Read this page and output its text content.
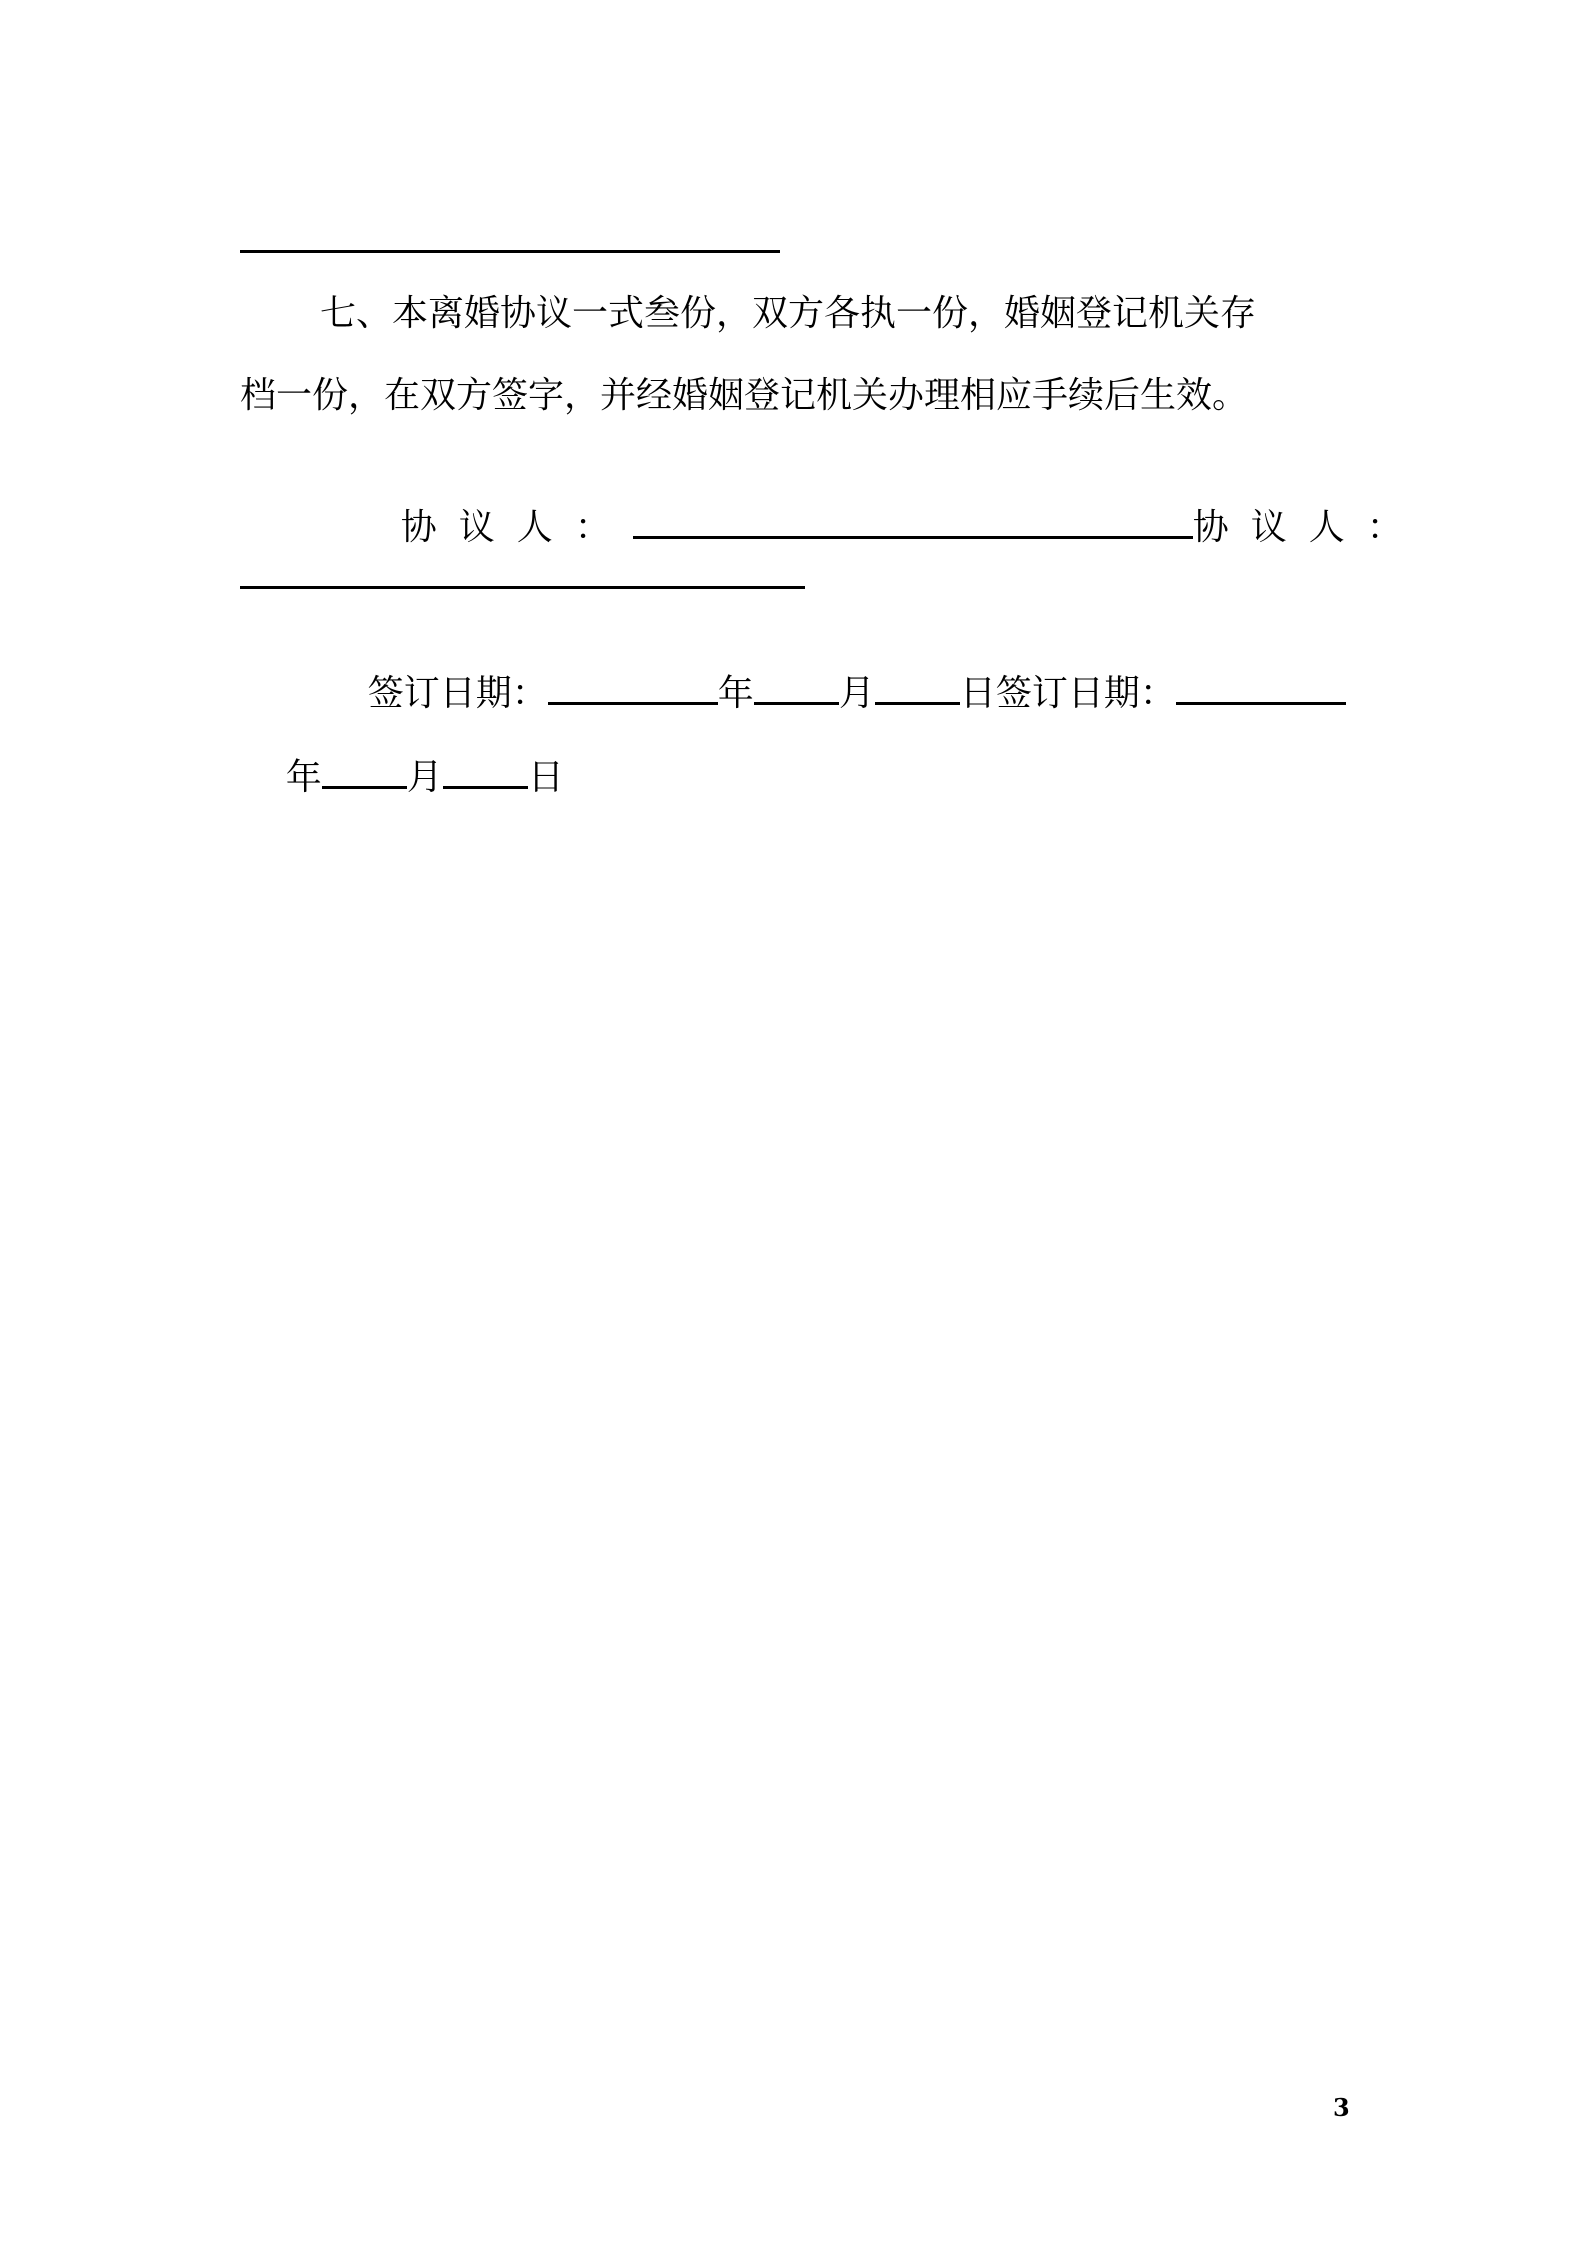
七、本离婚协议一式叁份，双方各执一份，婚姻登记机关存
档一份，在双方签字，并经婚姻登记机关办理相应手续后生效。

协议人：	协议人：

签订日期：	年 月 日签订日期：

年 月 日

3
